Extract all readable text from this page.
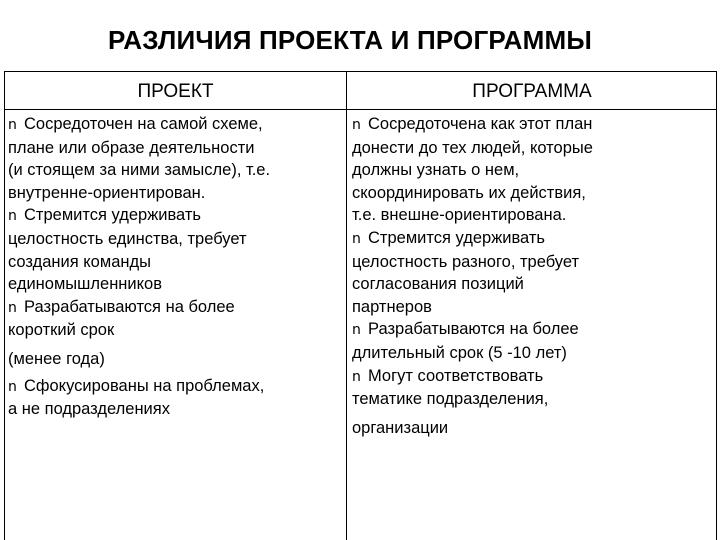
РАЗЛИЧИЯ ПРОЕКТА И ПРОГРАММЫ
ПРОЕКТ	ПРОГРАММА
n Сосредоточен на самой схеме,
плане или образе деятельности
(и стоящем за ними замысле), т.е.
внутренне-ориентирован.
n Стремится удерживать
целостность единства, требует
создания команды
единомышленников
n Разрабатываются на более
короткий срок
(менее года)
n Сфокусированы на проблемах,
а не подразделениях
n Сосредоточена как этот план
донести до тех людей, которые
должны узнать о нем,
скоординировать их действия,
т.е. внешне-ориентирована.
n Стремится удерживать
целостность разного, требует
согласования позиций
партнеров
n Разрабатываются на более
длительный срок (5 -10 лет)
n Могут соответствовать
тематике подразделения,
организации
